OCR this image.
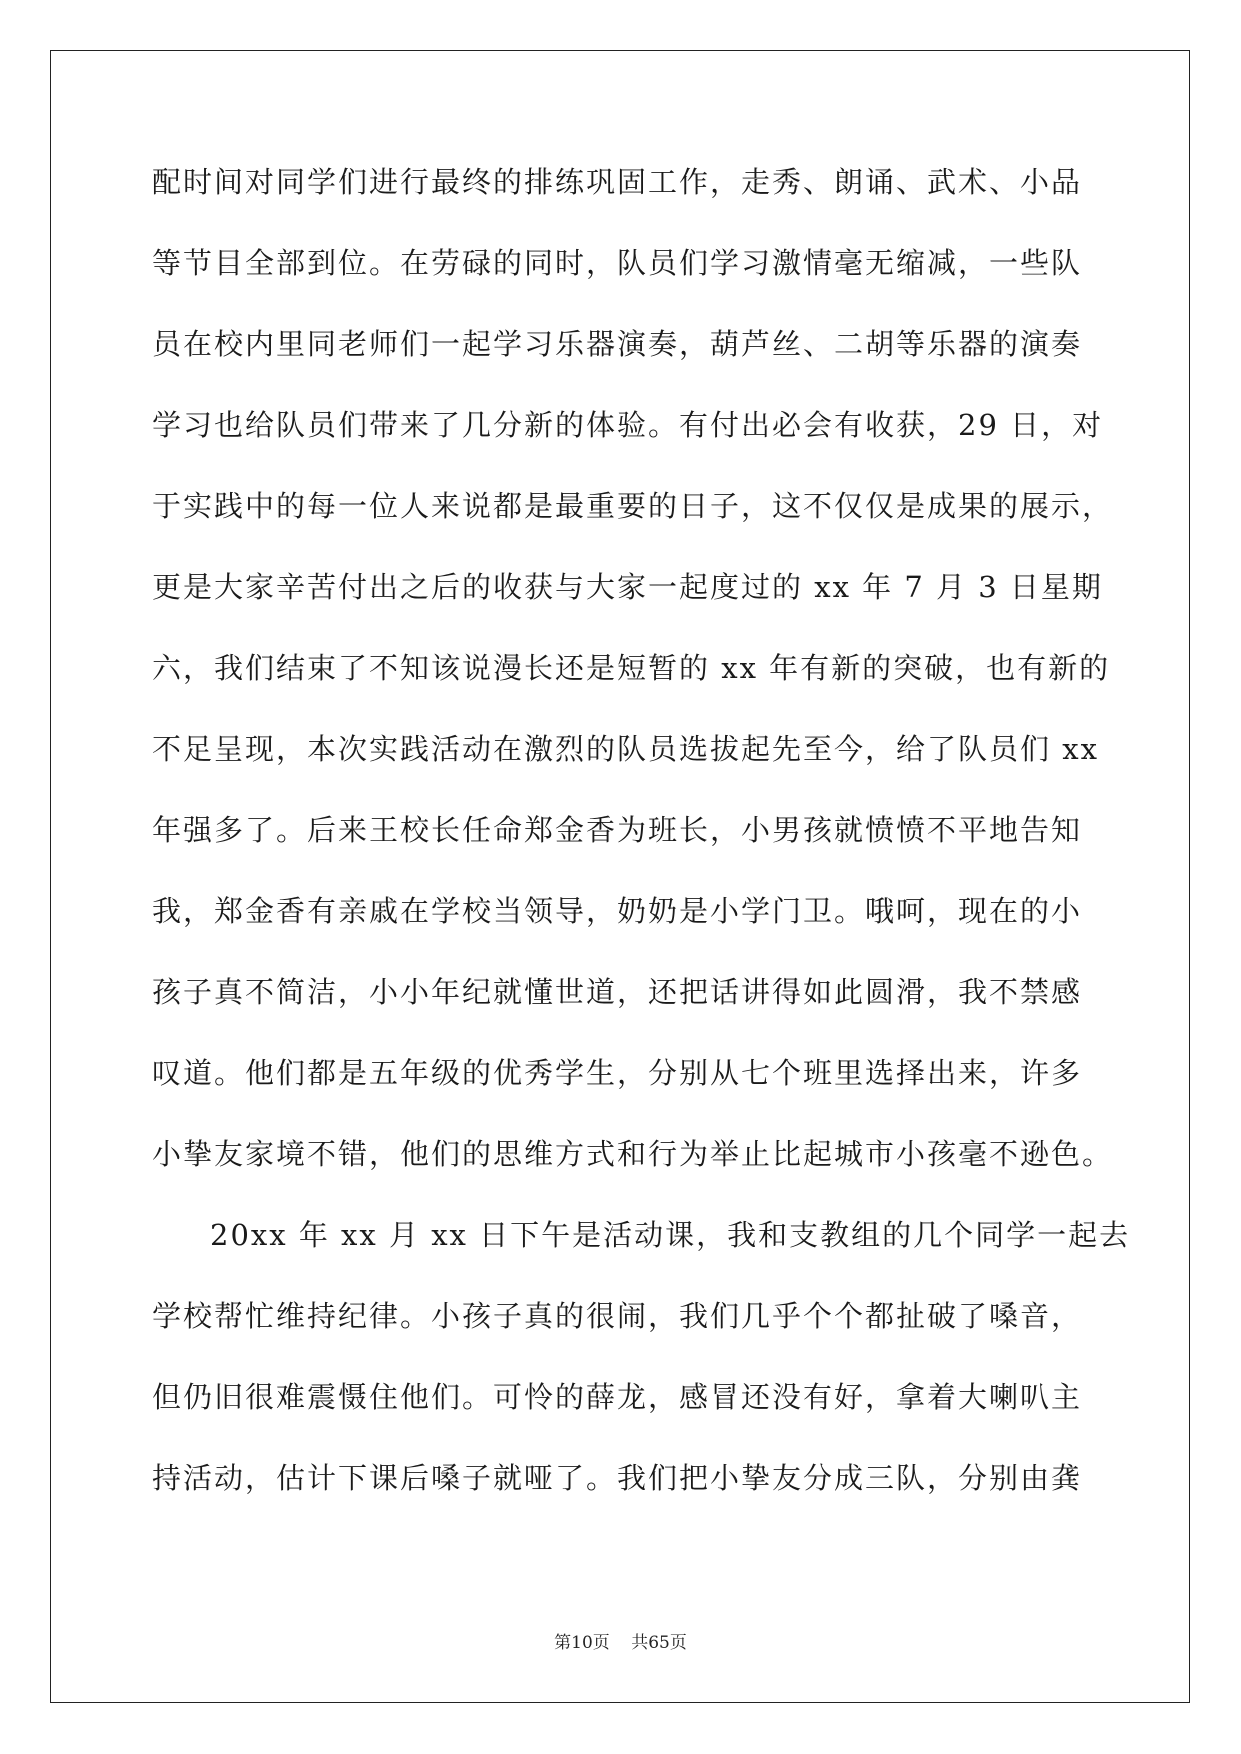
配时间对同学们进行最终的排练巩固工作，走秀、朗诵、武术、小品
等节目全部到位。在劳碌的同时，队员们学习激情毫无缩减，一些队
员在校内里同老师们一起学习乐器演奏，葫芦丝、二胡等乐器的演奏
学习也给队员们带来了几分新的体验。有付出必会有收获，29 日，对
于实践中的每一位人来说都是最重要的日子，这不仅仅是成果的展示，
更是大家辛苦付出之后的收获与大家一起度过的 xx 年 7 月 3 日星期
六，我们结束了不知该说漫长还是短暂的 xx 年有新的突破，也有新的
不足呈现，本次实践活动在激烈的队员选拔起先至今，给了队员们 xx
年强多了。后来王校长任命郑金香为班长，小男孩就愤愤不平地告知
我，郑金香有亲戚在学校当领导，奶奶是小学门卫。哦呵，现在的小
孩子真不简洁，小小年纪就懂世道，还把话讲得如此圆滑，我不禁感
叹道。他们都是五年级的优秀学生，分别从七个班里选择出来，许多
小挚友家境不错，他们的思维方式和行为举止比起城市小孩毫不逊色。
20xx 年 xx 月 xx 日下午是活动课，我和支教组的几个同学一起去
学校帮忙维持纪律。小孩子真的很闹，我们几乎个个都扯破了嗓音，
但仍旧很难震慑住他们。可怜的薛龙，感冒还没有好，拿着大喇叭主
持活动，估计下课后嗓子就哑了。我们把小挚友分成三队，分别由龚
第10页 共65页
